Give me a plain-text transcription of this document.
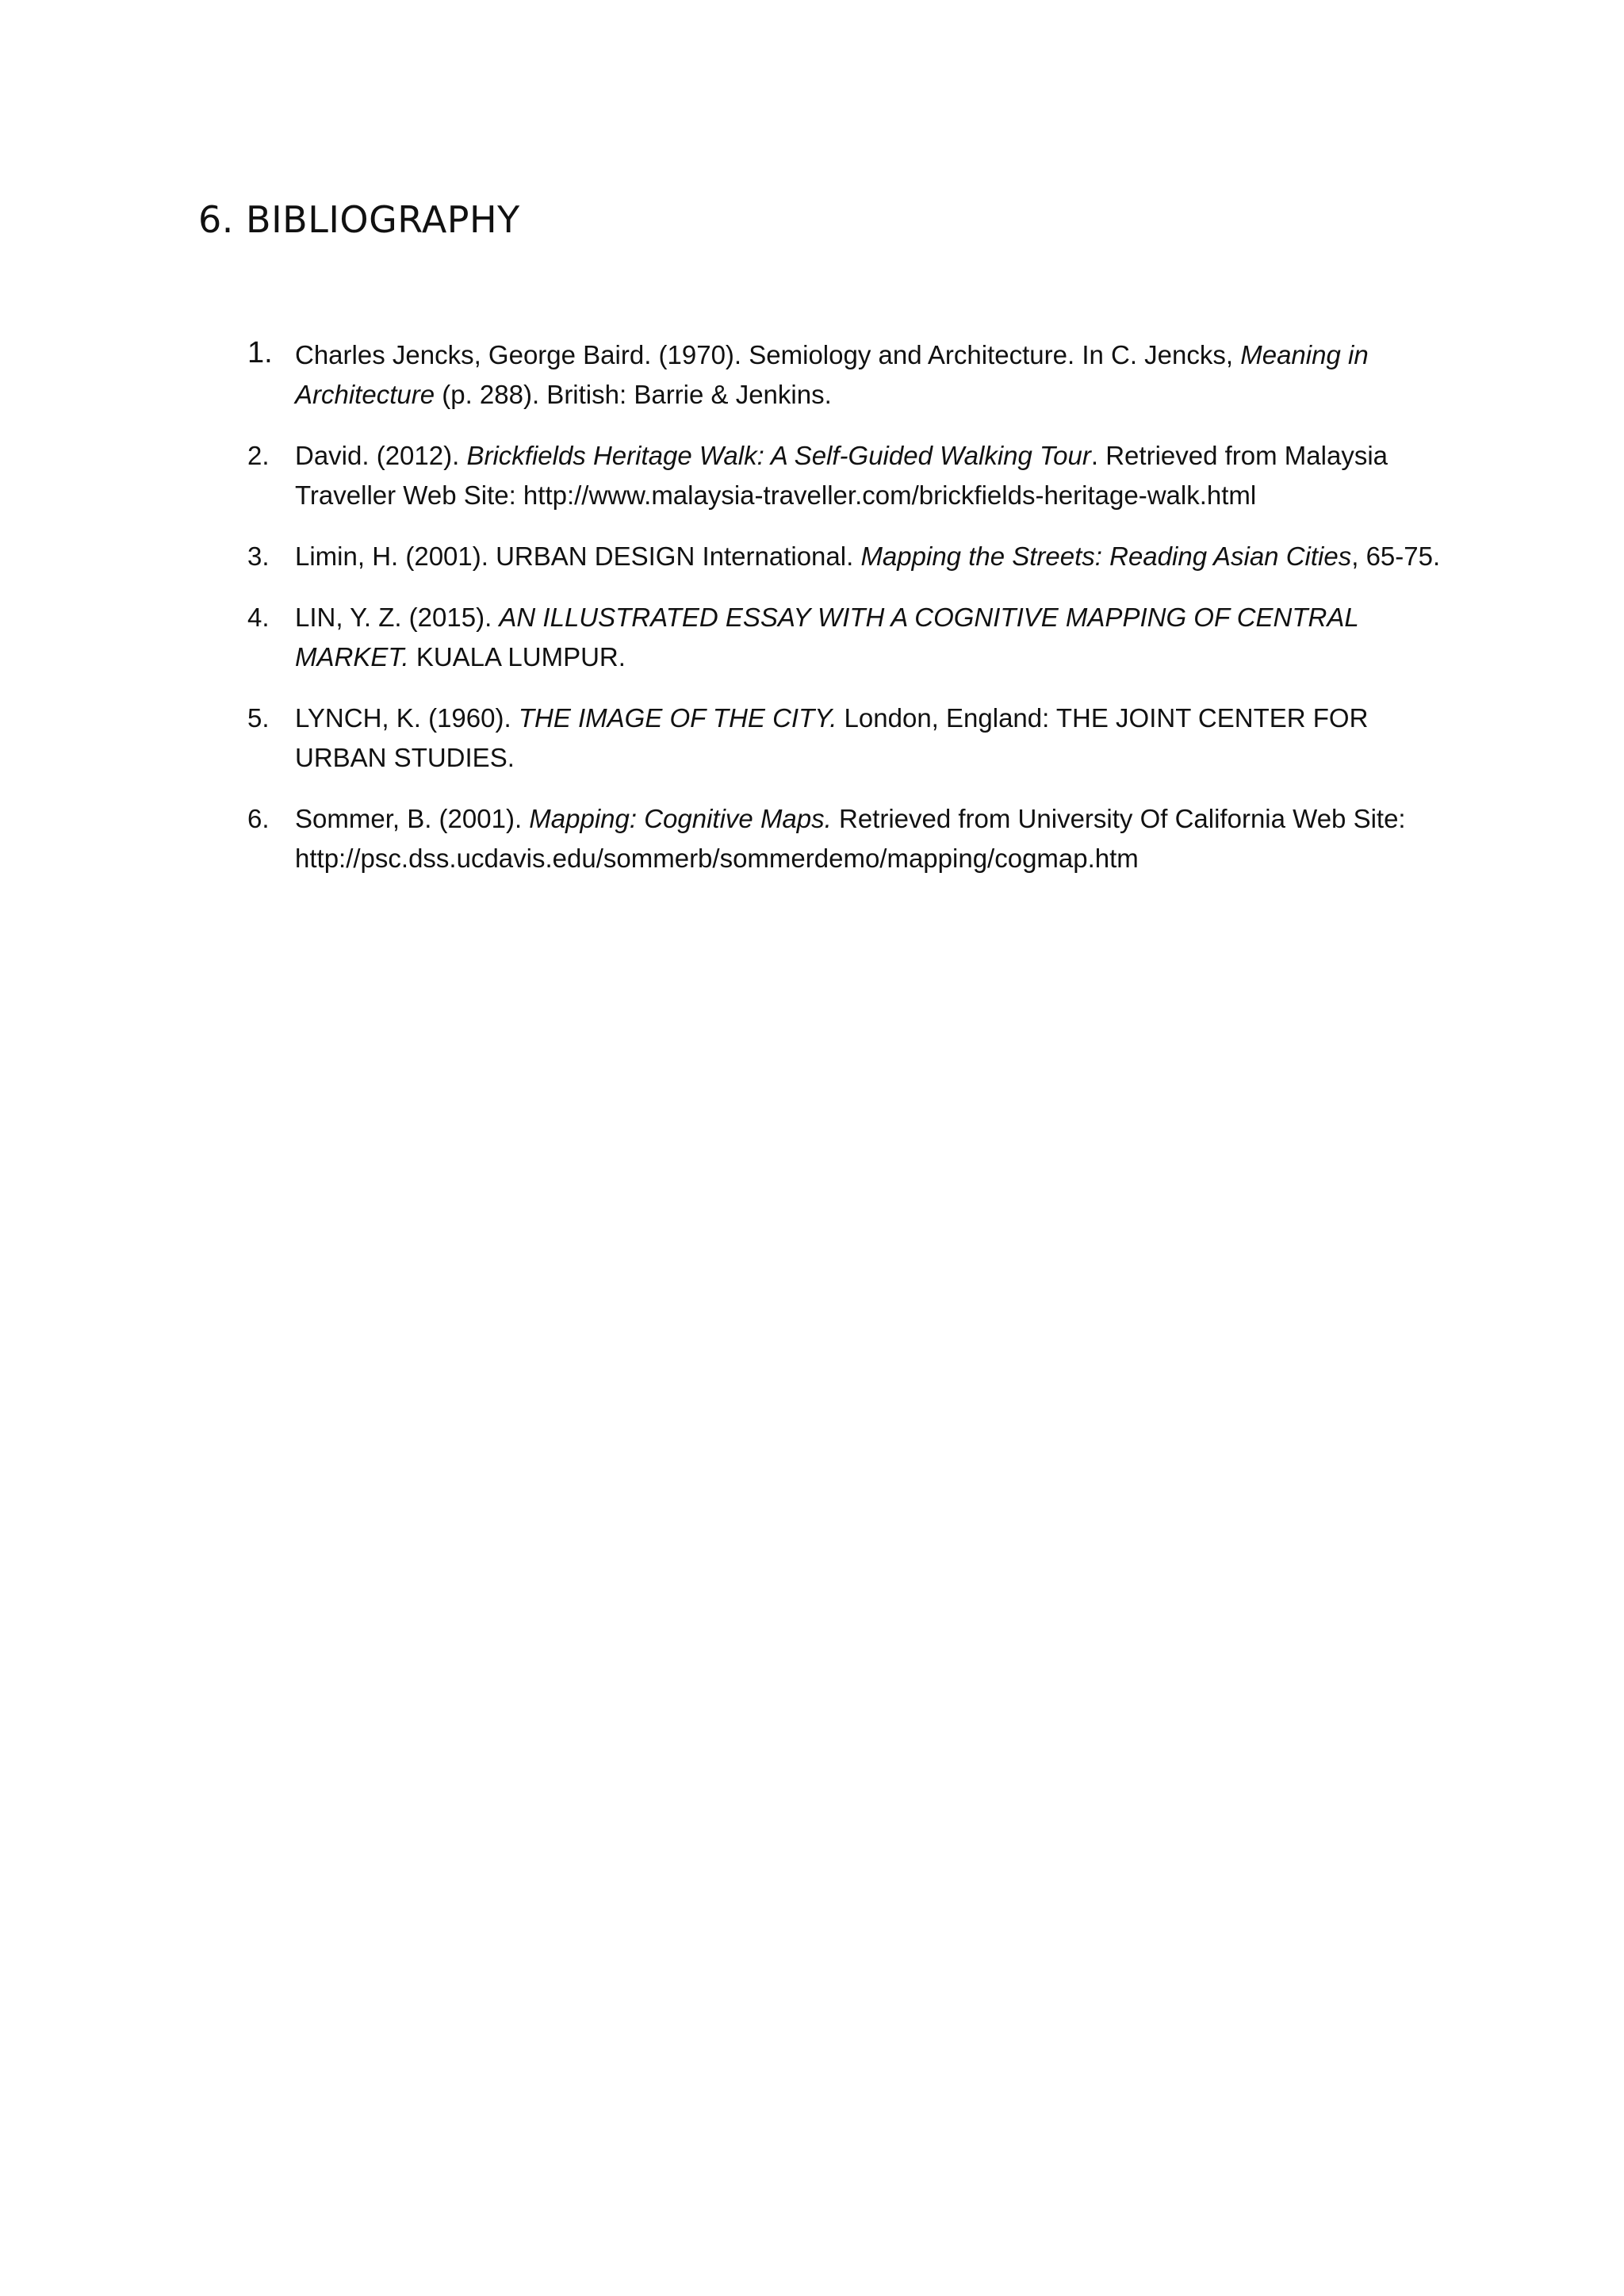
6. BIBLIOGRAPHY
1. Charles Jencks, George Baird. (1970). Semiology and Architecture. In C. Jencks, Meaning in Architecture (p. 288). British: Barrie & Jenkins.
2. David. (2012). Brickfields Heritage Walk: A Self-Guided Walking Tour. Retrieved from Malaysia Traveller Web Site: http://www.malaysia-traveller.com/brickfields-heritage-walk.html
3. Limin, H. (2001). URBAN DESIGN International. Mapping the Streets: Reading Asian Cities, 65-75.
4. LIN, Y. Z. (2015). AN ILLUSTRATED ESSAY WITH A COGNITIVE MAPPING OF CENTRAL MARKET. KUALA LUMPUR.
5. LYNCH, K. (1960). THE IMAGE OF THE CITY. London, England: THE JOINT CENTER FOR URBAN STUDIES.
6. Sommer, B. (2001). Mapping: Cognitive Maps. Retrieved from University Of California Web Site: http://psc.dss.ucdavis.edu/sommerb/sommerdemo/mapping/cogmap.htm
